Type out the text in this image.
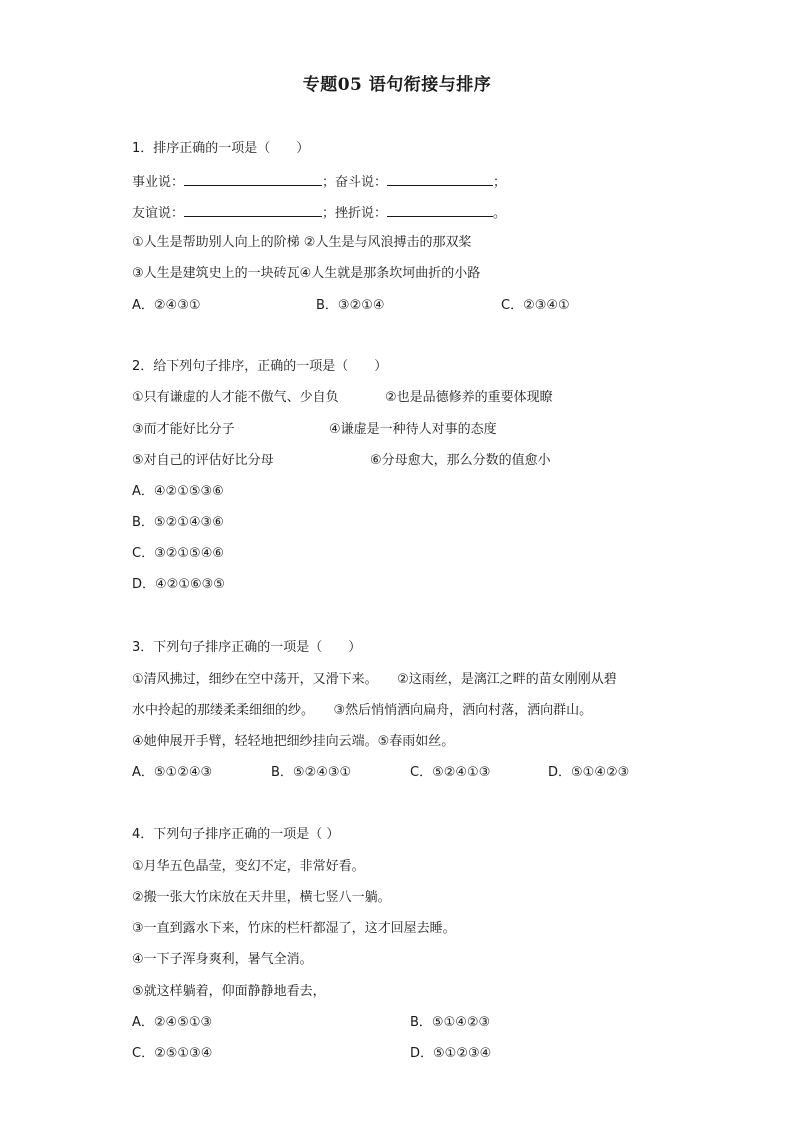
专题05 语句衔接与排序
1．排序正确的一项是（　　）
事业说：	；奋斗说：	；
友谊说：	；挫折说：	。
①人生是帮助别人向上的阶梯 ②人生是与风浪搏击的那双桨
③人生是建筑史上的一块砖瓦④人生就是那条坎坷曲折的小路
A．②④③①	B．③②①④	C．②③④①
2．给下列句子排序，正确的一项是（　　）
①只有谦虚的人才能不傲气、少自负	②也是品德修养的重要体现瞭
③而才能好比分子	④谦虚是一种待人对事的态度
⑤对自己的评估好比分母	⑥分母愈大，那么分数的值愈小
A．④②①⑤③⑥
B．⑤②①④③⑥
C．③②①⑤④⑥
D．④②①⑥③⑤
3．下列句子排序正确的一项是（　　）
①清风拂过，细纱在空中荡开，又滑下来。　　②这雨丝，是漓江之畔的苗女刚刚从碧
水中拎起的那缕柔柔细细的纱。　　③然后悄悄洒向扁舟，洒向村落，洒向群山。
④她伸展开手臂，轻轻地把细纱挂向云端。⑤春雨如丝。
A．⑤①②④③	B．⑤②④③①	C．⑤②④①③	D．⑤①④②③
4．下列句子排序正确的一项是（ ）
①月华五色晶莹，变幻不定，非常好看。
②搬一张大竹床放在天井里，横七竖八一躺。
③一直到露水下来，竹床的栏杆都湿了，这才回屋去睡。
④一下子浑身爽利，暑气全消。
⑤就这样躺着，仰面静静地看去，
A．②④⑤①③	B．⑤①④②③
C．②⑤①③④	D．⑤①②③④
